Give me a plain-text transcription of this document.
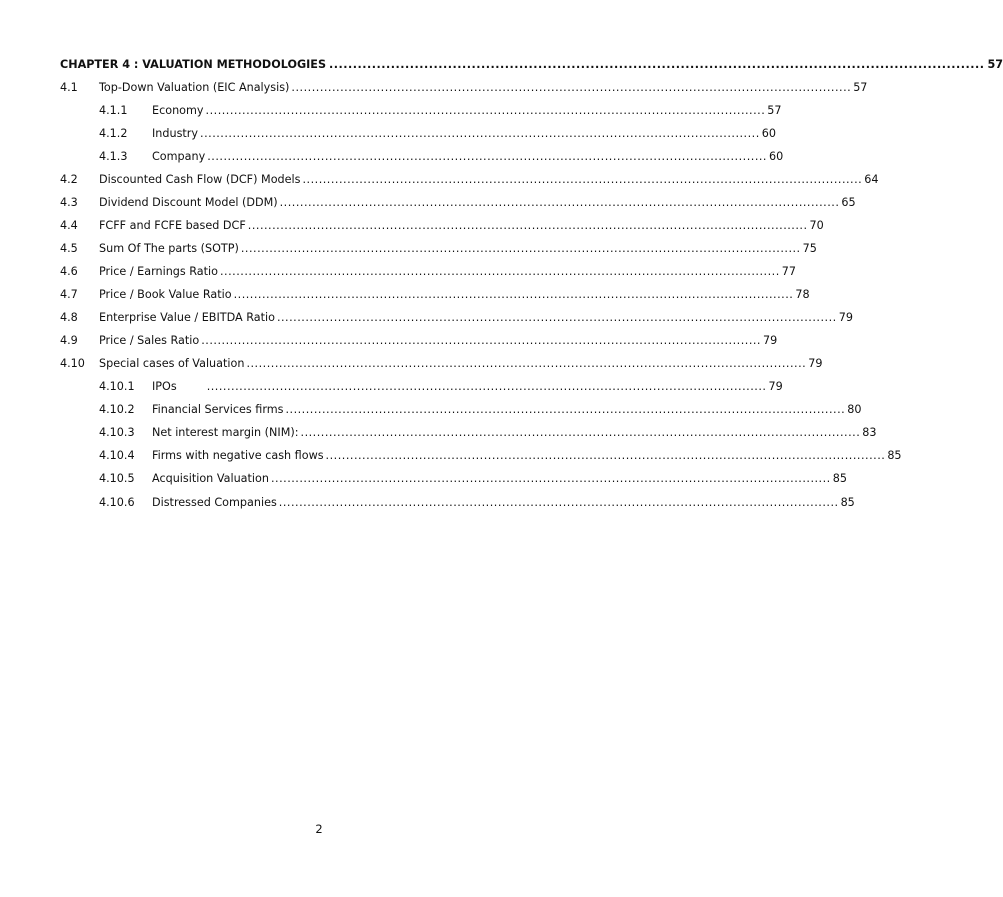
CHAPTER 4 : VALUATION METHODOLOGIES .......................................................................................................................................... 57
4.1	Top-Down Valuation (EIC Analysis) .......................................................................................................................................... 57
4.1.1	Economy .......................................................................................................................................... 57
4.1.2	Industry .......................................................................................................................................... 60
4.1.3	Company .......................................................................................................................................... 60
4.2	Discounted Cash Flow (DCF) Models .......................................................................................................................................... 64
4.3	Dividend Discount Model (DDM) .......................................................................................................................................... 65
4.4	FCFF and FCFE based DCF .......................................................................................................................................... 70
4.5	Sum Of The parts (SOTP) .......................................................................................................................................... 75
4.6	Price / Earnings Ratio .......................................................................................................................................... 77
4.7	Price / Book Value Ratio .......................................................................................................................................... 78
4.8	Enterprise Value / EBITDA Ratio .......................................................................................................................................... 79
4.9	Price / Sales Ratio .......................................................................................................................................... 79
4.10	Special cases of Valuation .......................................................................................................................................... 79
4.10.1	IPOs	.......................................................................................................................................... 79
4.10.2	Financial Services firms .......................................................................................................................................... 80
4.10.3	Net interest margin (NIM): .......................................................................................................................................... 83
4.10.4	Firms with negative cash flows .......................................................................................................................................... 85
4.10.5	Acquisition Valuation .......................................................................................................................................... 85
4.10.6	Distressed Companies .......................................................................................................................................... 85
2
